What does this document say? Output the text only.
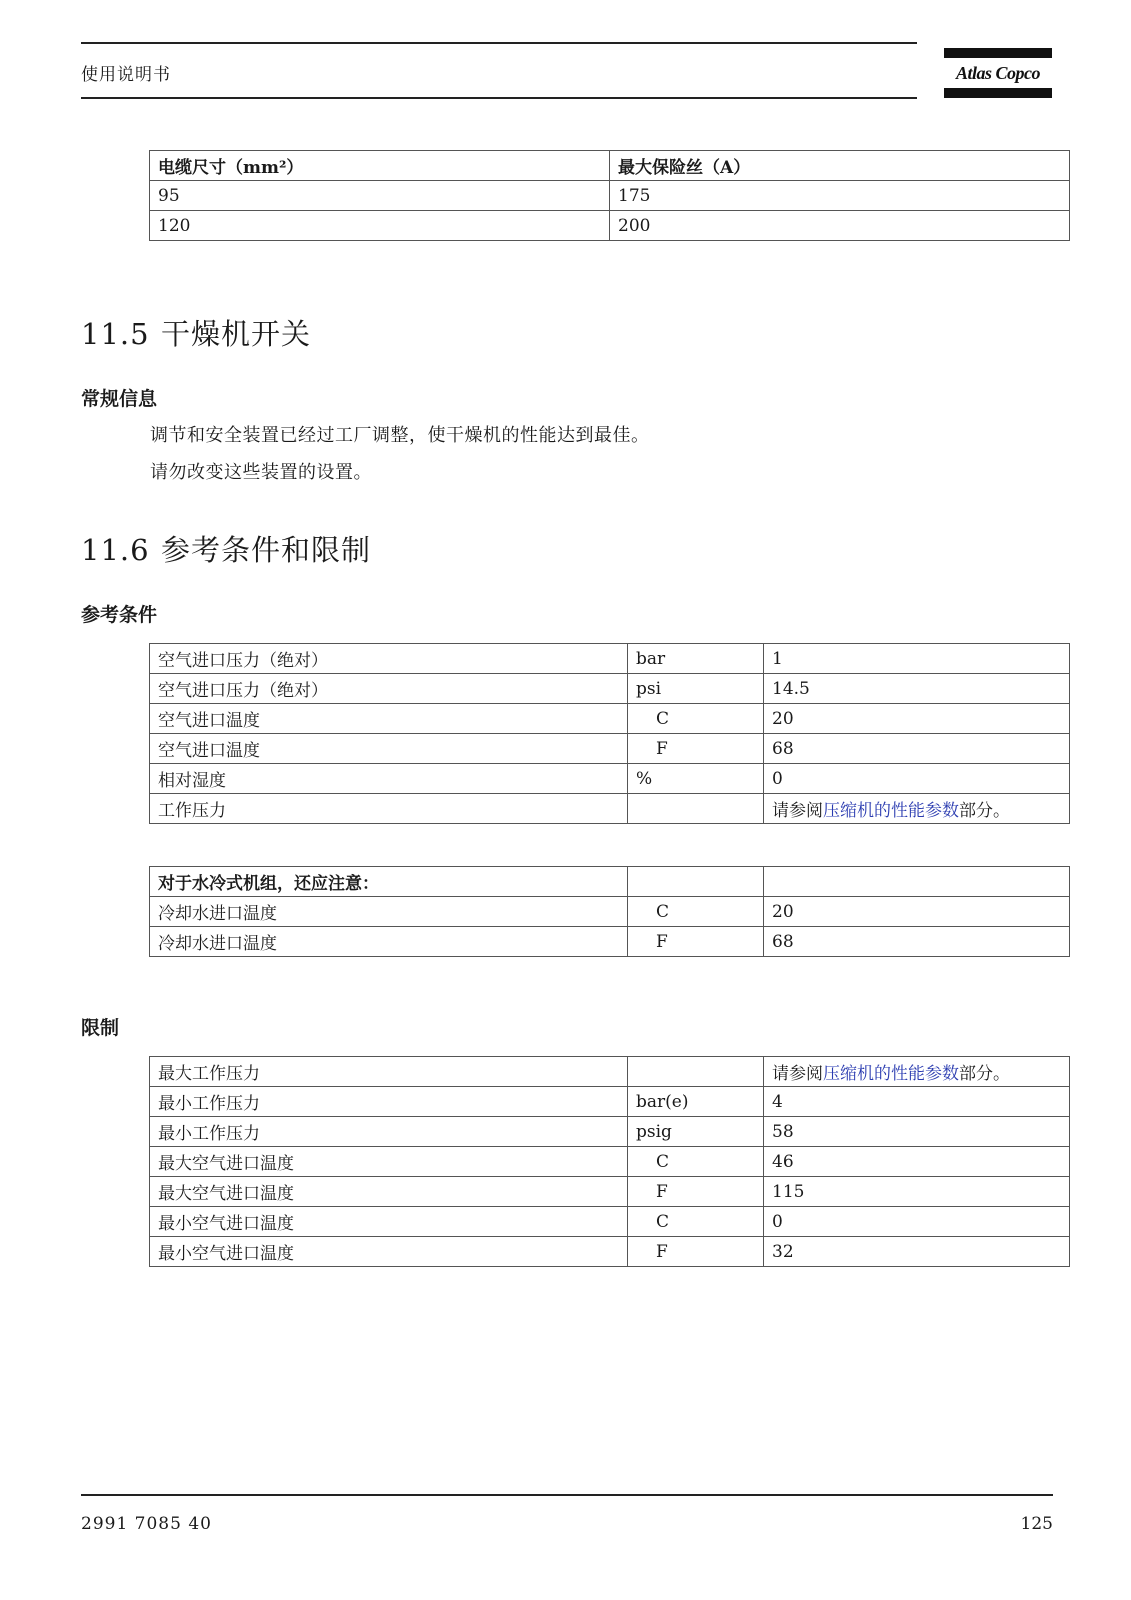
使用说明书	Atlas Copco
电缆尺寸（mm²）	最大保险丝（A）
95	175
120	200
11.5 干燥机开关
常规信息
调节和安全装置已经过工厂调整，使干燥机的性能达到最佳。
请勿改变这些装置的设置。
11.6 参考条件和限制
参考条件
空气进口压力（绝对）	bar	1
空气进口压力（绝对）	psi	14.5
空气进口温度	C	20
空气进口温度	F	68
相对湿度	%	0
工作压力		请参阅压缩机的性能参数部分。
对于水冷式机组，还应注意：		
冷却水进口温度	C	20
冷却水进口温度	F	68
限制
最大工作压力		请参阅压缩机的性能参数部分。
最小工作压力	bar(e)	4
最小工作压力	psig	58
最大空气进口温度	C	46
最大空气进口温度	F	115
最小空气进口温度	C	0
最小空气进口温度	F	32
2991 7085 40	125
